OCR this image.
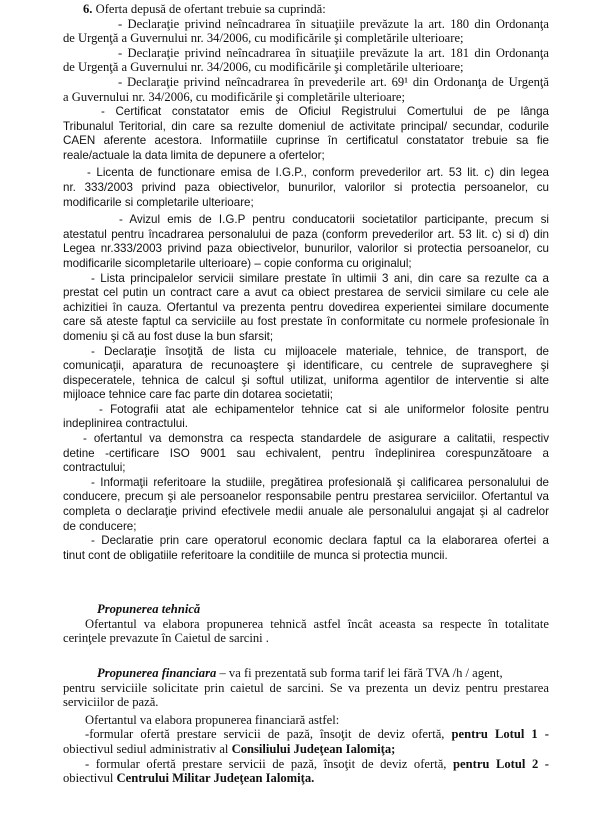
6. Oferta depusă de ofertant trebuie sa cuprindă:
- Declaraţie privind neîncadrarea în situaţiile prevăzute la art. 180 din Ordonanţa
de Urgenţă a Guvernului nr. 34/2006, cu modificările şi completările ulterioare;
- Declaraţie privind neîncadrarea în situaţiile prevăzute la art. 181 din Ordonanţa
de Urgenţă a Guvernului nr. 34/2006, cu modificările şi completările ulterioare;
- Declaraţie privind neîncadrarea în prevederile art. 69¹ din Ordonanţa de Urgenţă
a Guvernului nr. 34/2006, cu modificările şi completările ulterioare;
- Certificat constatator emis de Oficiul Registrului Comertului de pe lânga
Tribunalul Teritorial, din care sa rezulte domeniul de activitate principal/ secundar, codurile
CAEN aferente acestora. Informatiile cuprinse în certificatul constatator trebuie sa fie
reale/actuale la data limita de depunere a ofertelor;
- Licenta de functionare emisa de I.G.P., conform prevederilor art. 53 lit. c) din legea
nr. 333/2003 privind paza obiectivelor, bunurilor, valorilor si protectia persoanelor, cu
modificarile si completarile ulterioare;
- Avizul emis de I.G.P pentru conducatorii societatilor participante, precum si
atestatul pentru încadrarea personalului de paza (conform prevederilor art. 53 lit. c) si d) din
Legea nr.333/2003 privind paza obiectivelor, bunurilor, valorilor si protectia persoanelor, cu
modificarile sicompletarile ulterioare) – copie conforma cu originalul;
- Lista principalelor servicii similare prestate în ultimii 3 ani, din care sa rezulte ca a
prestat cel putin un contract care a avut ca obiect prestarea de servicii similare cu cele ale
achizitiei în cauza. Ofertantul va prezenta pentru dovedirea experientei similare documente
care să ateste faptul ca serviciile au fost prestate în conformitate cu normele profesionale în
domeniu şi că au fost duse la bun sfarsit;
- Declaraţie însoţită de lista cu mijloacele materiale, tehnice, de transport, de
comunicaţii, aparatura de recunoaştere şi identificare, cu centrele de supraveghere şi
dispeceratele, tehnica de calcul şi softul utilizat, uniforma agentilor de interventie si alte
mijloace tehnice care fac parte din dotarea societatii;
- Fotografii atat ale echipamentelor tehnice cat si ale uniformelor folosite pentru
indeplinirea contractului.
- ofertantul va demonstra ca respecta standardele de asigurare a calitatii, respectiv
detine -certificare ISO 9001 sau echivalent, pentru îndeplinirea corespunzătoare a
contractului;
- Informaţii referitoare la studiile, pregătirea profesională şi calificarea personalului de
conducere, precum şi ale persoanelor responsabile pentru prestarea serviciilor. Ofertantul va
completa o declaraţie privind efectivele medii anuale ale personalului angajat şi al cadrelor
de conducere;
- Declaratie prin care operatorul economic declara faptul ca la elaborarea ofertei a
tinut cont de obligatiile referitoare la conditiile de munca si protectia muncii.
Propunerea tehnică
Ofertantul va elabora propunerea tehnică astfel încât aceasta sa respecte în totalitate
cerinţele prevazute în Caietul de sarcini .
Propunerea financiara – va fi prezentată sub forma tarif lei fără TVA /h / agent,
pentru serviciile solicitate prin caietul de sarcini. Se va prezenta un deviz pentru prestarea
serviciilor de pază.
Ofertantul va elabora propunerea financiară astfel:
-formular ofertă prestare servicii de pază, însoţit de deviz ofertă, pentru Lotul 1 -
obiectivul sediul administrativ al Consiliului Judeţean Ialomiţa;
- formular ofertă prestare servicii de pază, însoţit de deviz ofertă, pentru Lotul 2 -
obiectivul Centrului Militar Judeţean Ialomiţa.
